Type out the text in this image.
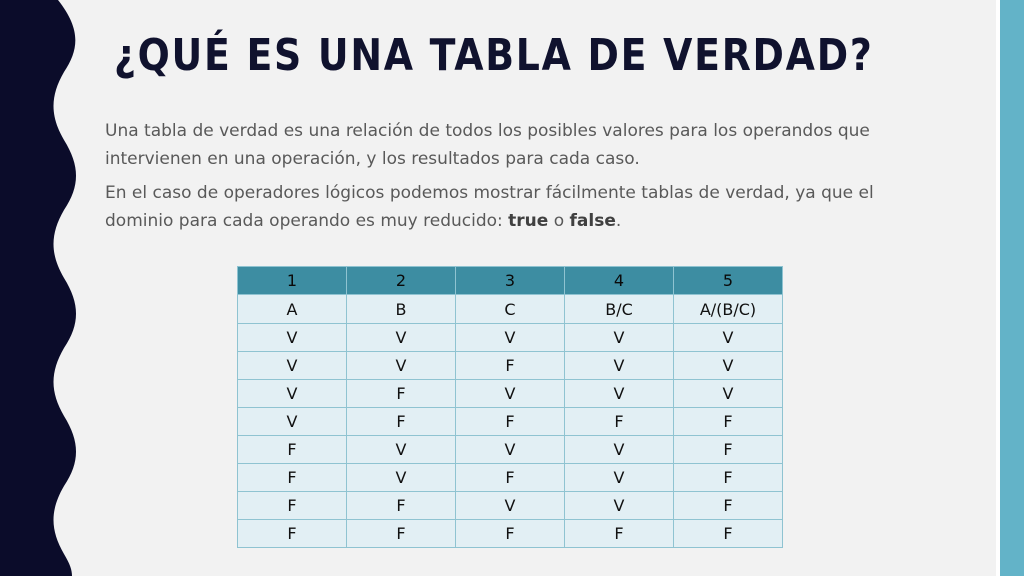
¿QUÉ ES UNA TABLA DE VERDAD?

Una tabla de verdad es una relación de todos los posibles valores para los operandos que intervienen en una operación, y los resultados para cada caso.

En el caso de operadores lógicos podemos mostrar fácilmente tablas de verdad, ya que el dominio para cada operando es muy reducido: true o false.

1	2	3	4	5
A	B	C	B/C	A/(B/C)
V	V	V	V	V
V	V	F	V	V
V	F	V	V	V
V	F	F	F	F
F	V	V	V	F
F	V	F	V	F
F	F	V	V	F
F	F	F	F	F
